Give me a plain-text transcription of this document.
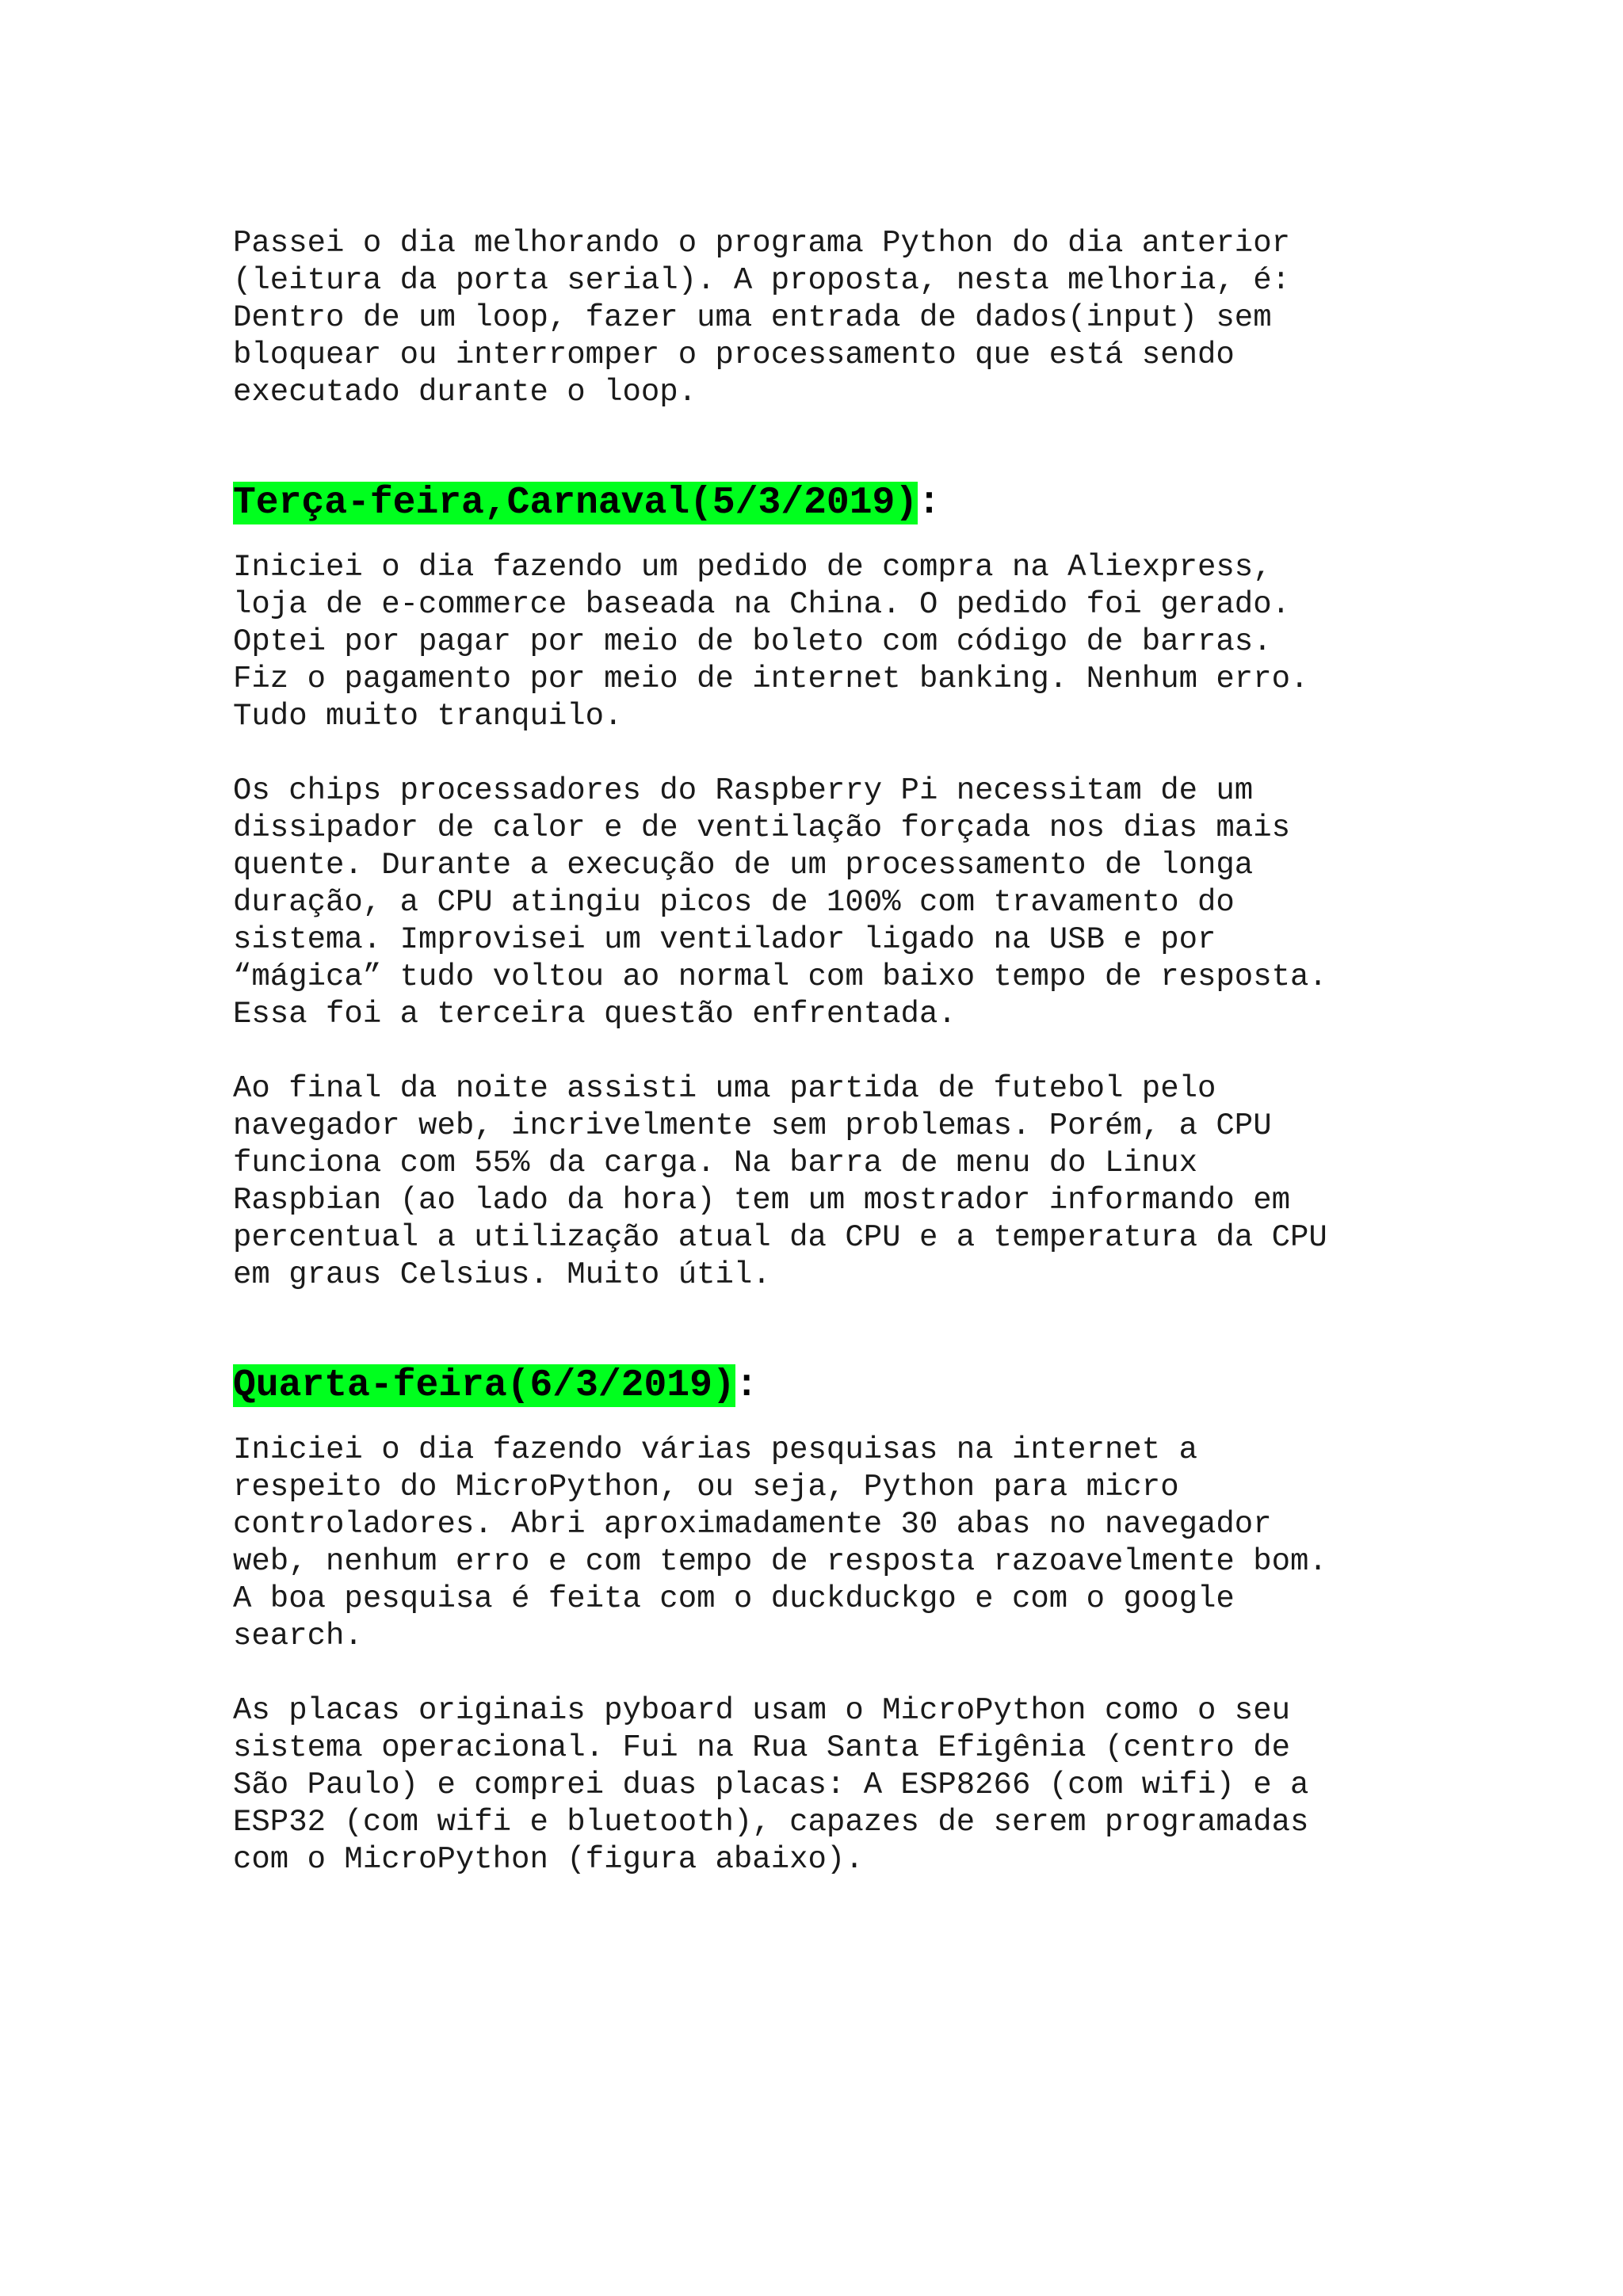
Passei o dia melhorando o programa Python do dia anterior
(leitura da porta serial). A proposta, nesta melhoria, é:
Dentro de um loop, fazer uma entrada de dados(input) sem
bloquear ou interromper o processamento que está sendo
executado durante o loop.
Terça-feira,Carnaval(5/3/2019):
Iniciei o dia fazendo um pedido de compra na Aliexpress,
loja de e-commerce baseada na China. O pedido foi gerado.
Optei por pagar por meio de boleto com código de barras.
Fiz o pagamento por meio de internet banking. Nenhum erro.
Tudo muito tranquilo.
Os chips processadores do Raspberry Pi necessitam de um
dissipador de calor e de ventilação forçada nos dias mais
quente. Durante a execução de um processamento de longa
duração, a CPU atingiu picos de 100% com travamento do
sistema. Improvisei um ventilador ligado na USB e por
“mágica” tudo voltou ao normal com baixo tempo de resposta.
Essa foi a terceira questão enfrentada.
Ao final da noite assisti uma partida de futebol pelo
navegador web, incrivelmente sem problemas. Porém, a CPU
funciona com 55% da carga. Na barra de menu do Linux
Raspbian (ao lado da hora) tem um mostrador informando em
percentual a utilização atual da CPU e a temperatura da CPU
em graus Celsius. Muito útil.
Quarta-feira(6/3/2019):
Iniciei o dia fazendo várias pesquisas na internet a
respeito do MicroPython, ou seja, Python para micro
controladores. Abri aproximadamente 30 abas no navegador
web, nenhum erro e com tempo de resposta razoavelmente bom.
A boa pesquisa é feita com o duckduckgo e com o google
search.
As placas originais pyboard usam o MicroPython como o seu
sistema operacional. Fui na Rua Santa Efigênia (centro de
São Paulo) e comprei duas placas: A ESP8266 (com wifi) e a
ESP32 (com wifi e bluetooth), capazes de serem programadas
com o MicroPython (figura abaixo).
